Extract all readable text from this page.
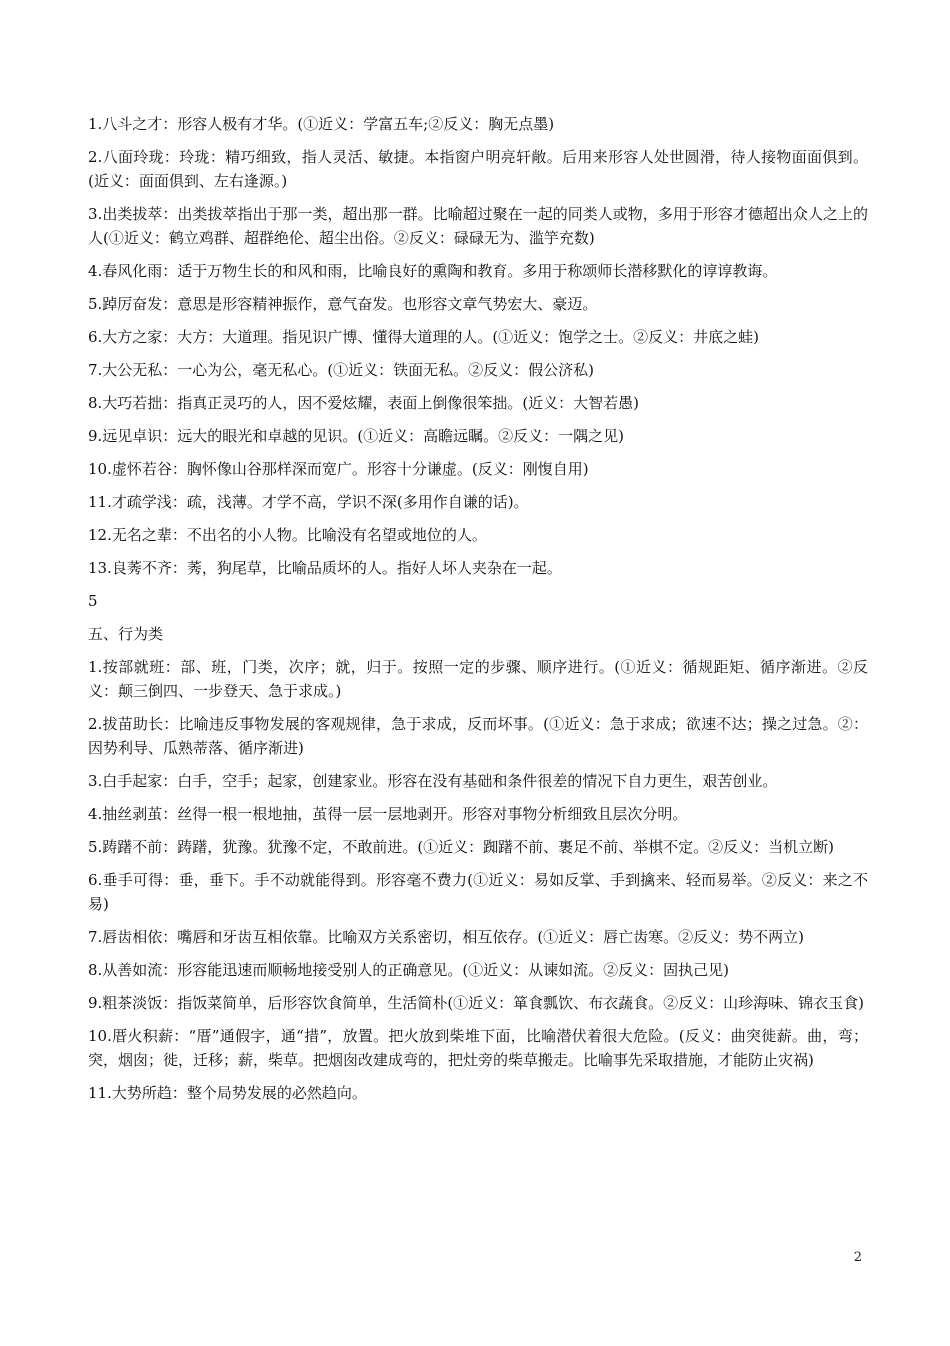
1.八斗之才：形容人极有才华。(①近义：学富五车;②反义：胸无点墨)
2.八面玲珑：玲珑：精巧细致，指人灵活、敏捷。本指窗户明亮轩敞。后用来形容人处世圆滑，待人接物面面俱到。(近义：面面俱到、左右逢源。)
3.出类拔萃：出类拔萃指出于那一类，超出那一群。比喻超过聚在一起的同类人或物，多用于形容才德超出众人之上的人(①近义：鹤立鸡群、超群绝伦、超尘出俗。②反义：碌碌无为、滥竽充数)
4.春风化雨：适于万物生长的和风和雨，比喻良好的熏陶和教育。多用于称颂师长潜移默化的谆谆教诲。
5.踔厉奋发：意思是形容精神振作，意气奋发。也形容文章气势宏大、豪迈。
6.大方之家：大方：大道理。指见识广博、懂得大道理的人。(①近义：饱学之士。②反义：井底之蛙)
7.大公无私：一心为公，毫无私心。(①近义：铁面无私。②反义：假公济私)
8.大巧若拙：指真正灵巧的人，因不爱炫耀，表面上倒像很笨拙。(近义：大智若愚)
9.远见卓识：远大的眼光和卓越的见识。(①近义：高瞻远瞩。②反义：一隅之见)
10.虚怀若谷：胸怀像山谷那样深而宽广。形容十分谦虚。(反义：刚愎自用)
11.才疏学浅：疏，浅薄。才学不高，学识不深(多用作自谦的话)。
12.无名之辈：不出名的小人物。比喻没有名望或地位的人。
13.良莠不齐：莠，狗尾草，比喻品质坏的人。指好人坏人夹杂在一起。
5
五、行为类
1.按部就班：部、班，门类，次序；就，归于。按照一定的步骤、顺序进行。(①近义：循规距矩、循序渐进。②反义：颠三倒四、一步登天、急于求成。)
2.拔苗助长：比喻违反事物发展的客观规律，急于求成，反而坏事。(①近义：急于求成；欲速不达；操之过急。②：因势利导、瓜熟蒂落、循序渐进)
3.白手起家：白手，空手；起家，创建家业。形容在没有基础和条件很差的情况下自力更生，艰苦创业。
4.抽丝剥茧：丝得一根一根地抽，茧得一层一层地剥开。形容对事物分析细致且层次分明。
5.踌躇不前：踌躇，犹豫。犹豫不定，不敢前进。(①近义：踟躇不前、裹足不前、举棋不定。②反义：当机立断)
6.垂手可得：垂，垂下。手不动就能得到。形容毫不费力(①近义：易如反掌、手到擒来、轻而易举。②反义：来之不易)
7.唇齿相依：嘴唇和牙齿互相依靠。比喻双方关系密切，相互依存。(①近义：唇亡齿寒。②反义：势不两立)
8.从善如流：形容能迅速而顺畅地接受别人的正确意见。(①近义：从谏如流。②反义：固执己见)
9.粗茶淡饭：指饭菜简单，后形容饮食简单，生活简朴(①近义：箪食瓢饮、布衣蔬食。②反义：山珍海味、锦衣玉食)
10.厝火积薪：“厝”通假字，通“措”，放置。把火放到柴堆下面，比喻潜伏着很大危险。(反义：曲突徙薪。曲，弯；突，烟囱；徙，迁移；薪，柴草。把烟囱改建成弯的，把灶旁的柴草搬走。比喻事先采取措施，才能防止灾祸)
11.大势所趋：整个局势发展的必然趋向。
2
